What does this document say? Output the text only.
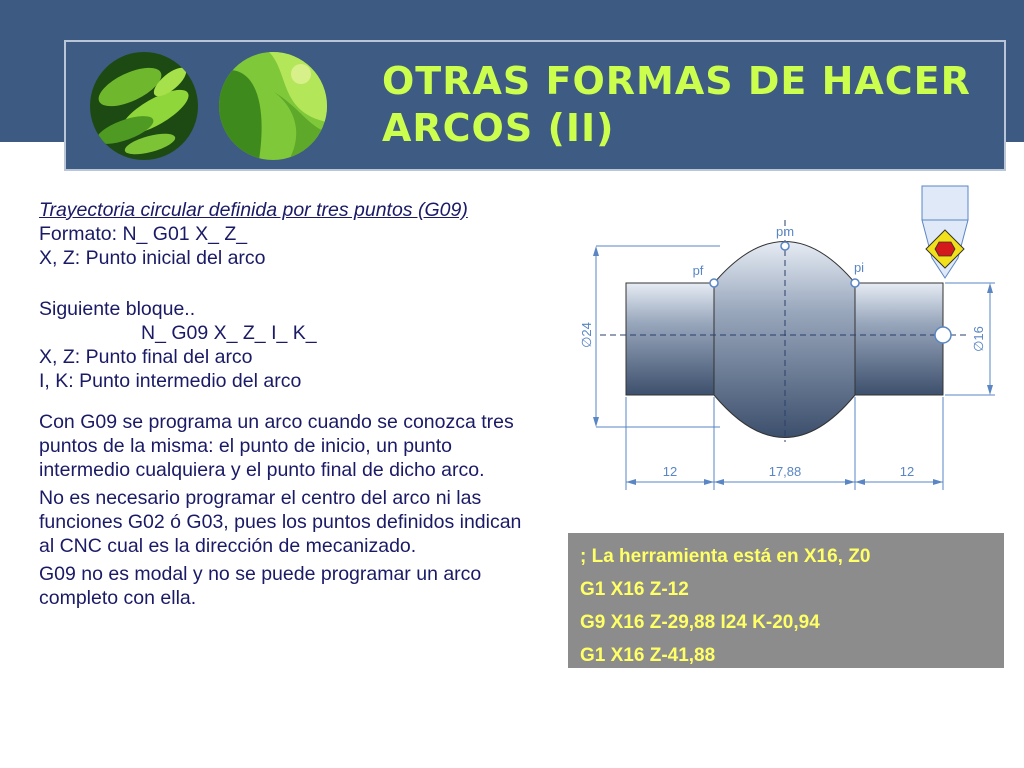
OTRAS FORMAS DE HACER
ARCOS (II)

Trayectoria circular definida por tres puntos (G09)

Formato: N_ G01 X_ Z_

X, Z: Punto inicial del arco

Siguiente bloque..

N_ G09 X_ Z_ I_ K_

X, Z: Punto final del arco

I, K: Punto intermedio del arco

Con G09 se programa un arco cuando se conozca tres puntos de la misma: el punto de inicio, un punto intermedio cualquiera y el punto final de dicho arco.

No es necesario programar el centro del arco ni las funciones G02 ó G03, pues los puntos definidos indican al CNC cual es la dirección de mecanizado.

G09 no es modal y no se puede programar un arco completo con ella.

∅24	∅16
12	17,88	12
pm
pf	pi

; La herramienta está en X16, Z0

G1 X16 Z-12

G9 X16 Z-29,88 I24 K-20,94

G1 X16 Z-41,88
